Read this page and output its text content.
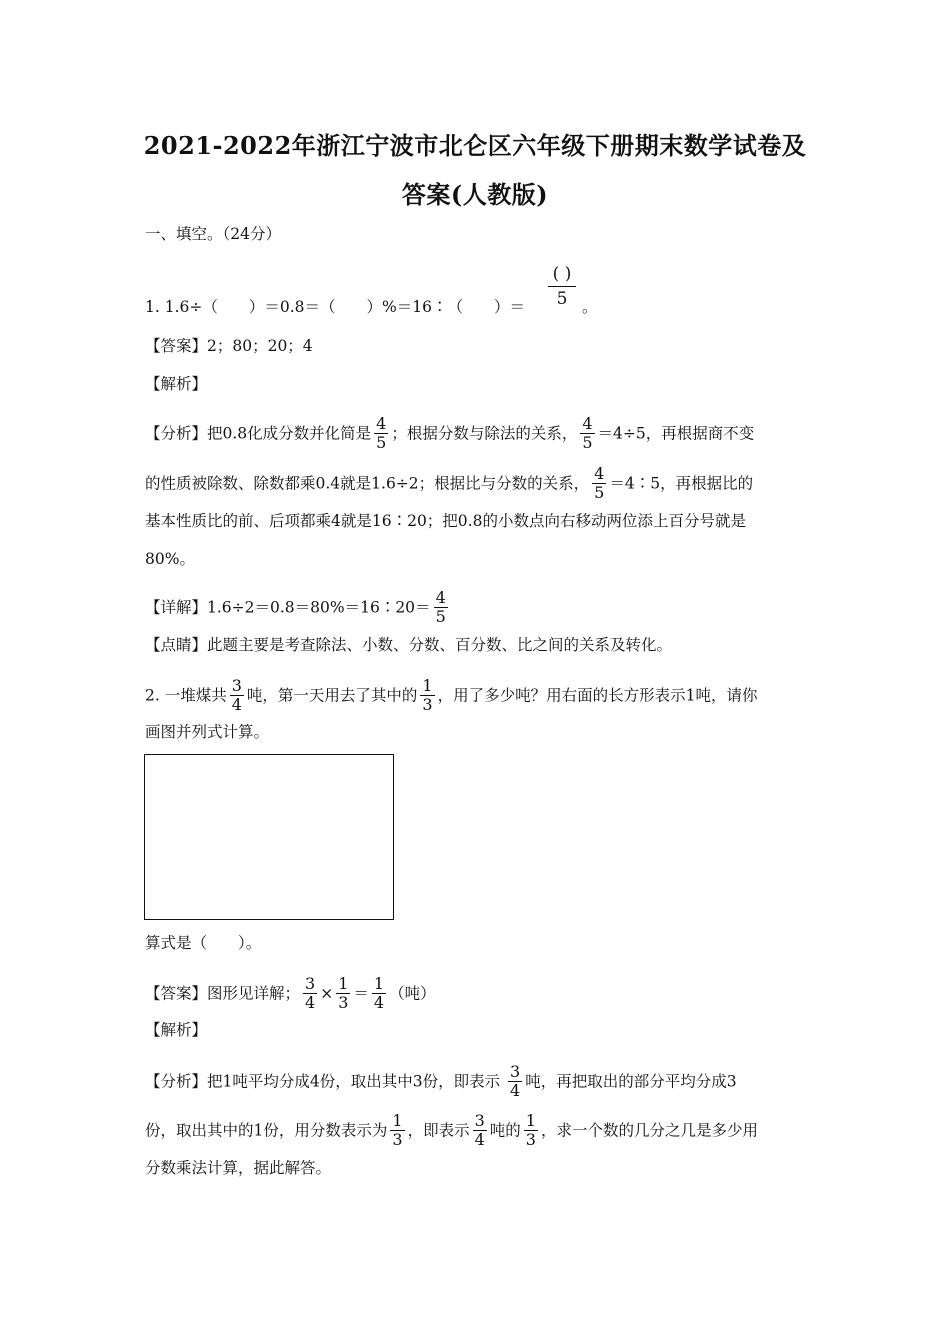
2021-2022年浙江宁波市北仑区六年级下册期末数学试卷及
答案(人教版)
一、填空。（24分）
1. 1.6÷（　　）＝0.8＝（　　）%＝16∶（　　）＝
( )
5 。
【答案】2；80；20；4
【解析】
【分析】把0.8化成分数并化简是 $\frac{4}{5}$ ；根据分数与除法的关系， $\frac{4}{5} =4\div 5$，再根据商不变
的性质被除数、除数都乘0.4就是1.6÷2；根据比与分数的关系， $\frac{4}{5}$ ＝4∶5，再根据比的
基本性质比的前、后项都乘4就是16∶20；把0.8的小数点向右移动两位添上百分号就是
80%。
【详解】1.6÷2＝0.8＝80%＝16∶20＝ $\frac{4}{5}$
【点睛】此题主要是考查除法、小数、分数、百分数、比之间的关系及转化。
2. 一堆煤共 $\frac{3}{4}$ 吨，第一天用去了其中的 $\frac{1}{3}$ ，用了多少吨？用右面的长方形表示1吨，请你
画图并列式计算。
算式是（　　）。
【答案】图形见详解； $\frac{3}{4} \times \frac{1}{3} = \frac{1}{4}$ （吨）
【解析】
【分析】把1吨平均分成4份，取出其中3份，即表示 $\frac{3}{4}$ 吨，再把取出的部分平均分成3
份，取出其中的1份，用分数表示为 $\frac{1}{3}$ ，即表示 $\frac{3}{4}$ 吨的 $\frac{1}{3}$ ，求一个数的几分之几是多少用
分数乘法计算，据此解答。
